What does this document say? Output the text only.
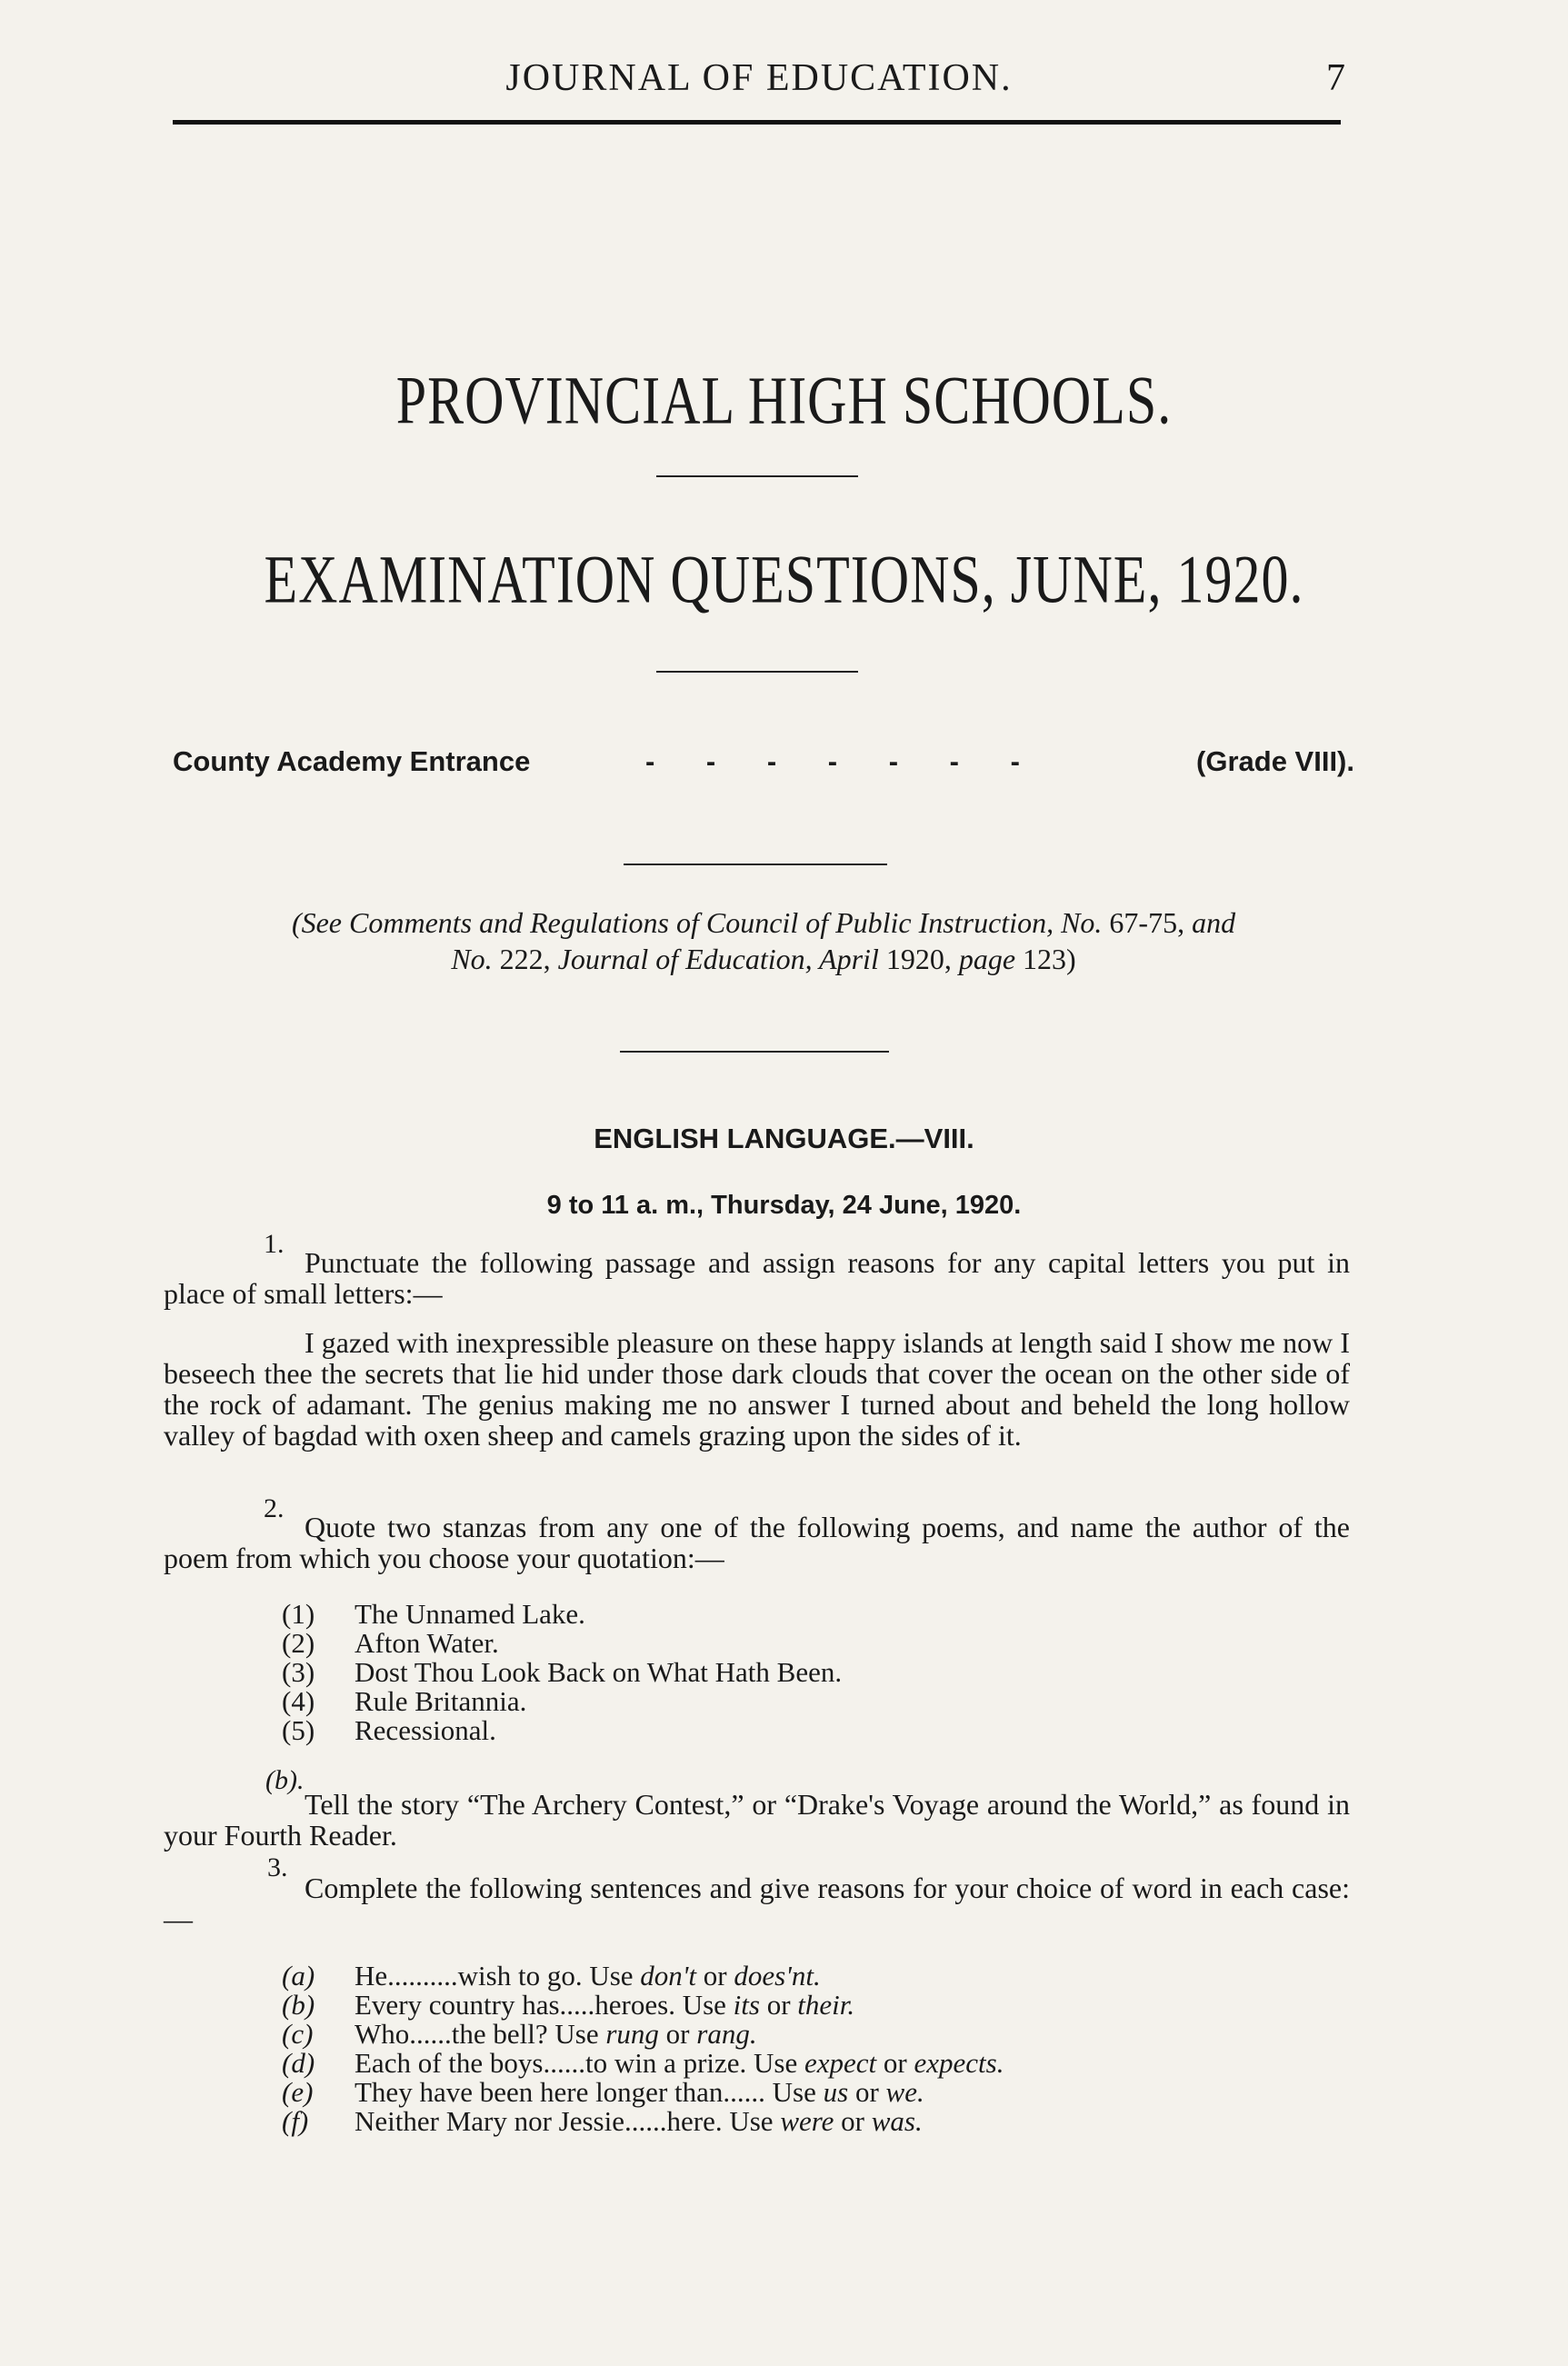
JOURNAL OF EDUCATION.	7
PROVINCIAL HIGH SCHOOLS.
EXAMINATION QUESTIONS, JUNE, 1920.
County Academy Entrance	- - - - - - -	(Grade VIII).
(See Comments and Regulations of Council of Public Instruction, No. 67-75, and
No. 222, Journal of Education, April 1920, page 123)
ENGLISH LANGUAGE.—VIII.
9 to 11 a. m., Thursday, 24 June, 1920.
1.
Punctuate the following passage and assign reasons for any capital letters you put in place of small letters:—
I gazed with inexpressible pleasure on these happy islands at length said I show me now I beseech thee the secrets that lie hid under those dark clouds that cover the ocean on the other side of the rock of adamant. The genius making me no answer I turned about and beheld the long hollow valley of bagdad with oxen sheep and camels grazing upon the sides of it.
2.
Quote two stanzas from any one of the following poems, and name the author of the poem from which you choose your quotation:—
(1) The Unnamed Lake.
(2) Afton Water.
(3) Dost Thou Look Back on What Hath Been.
(4) Rule Britannia.
(5) Recessional.
(b).
Tell the story “The Archery Contest,” or “Drake's Voyage around the World,” as found in your Fourth Reader.
3.
Complete the following sentences and give reasons for your choice of word in each case:—
(a) He..........wish to go. Use don't or does'nt.
(b) Every country has.....heroes. Use its or their.
(c) Who......the bell? Use rung or rang.
(d) Each of the boys......to win a prize. Use expect or expects.
(e) They have been here longer than...... Use us or we.
(f) Neither Mary nor Jessie......here. Use were or was.
